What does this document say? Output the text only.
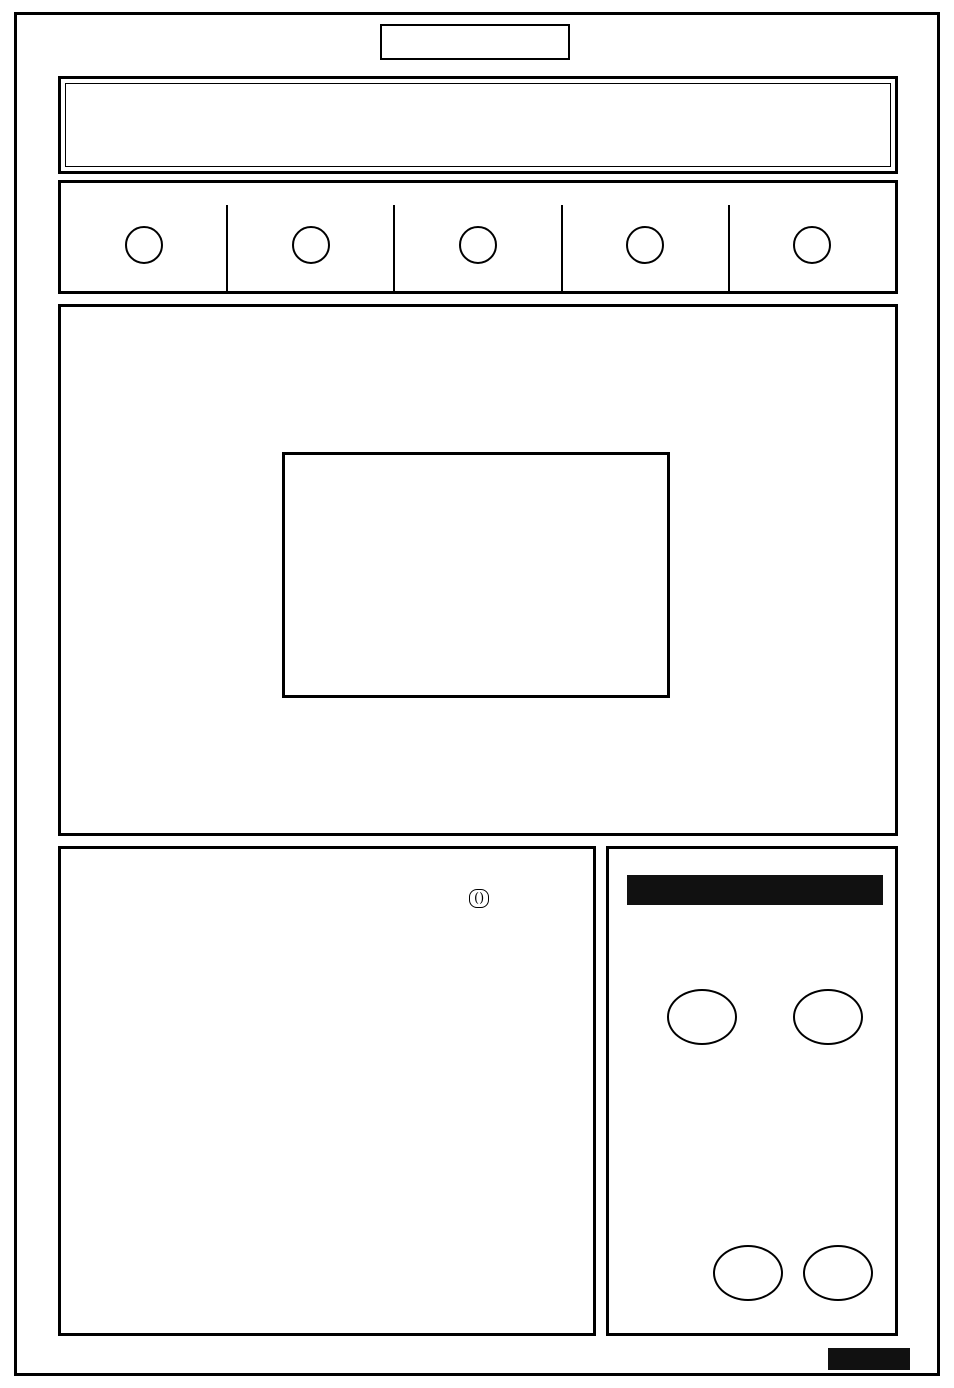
()
